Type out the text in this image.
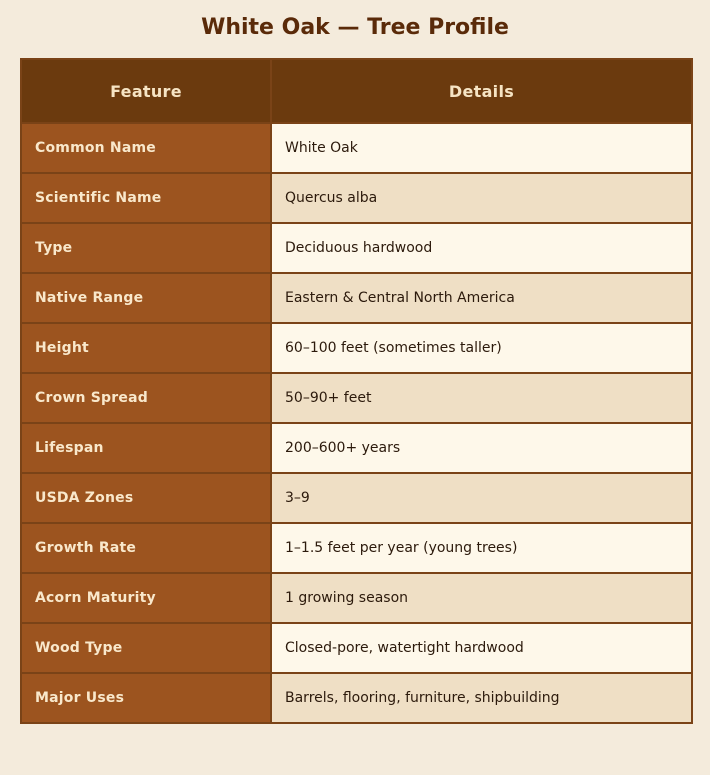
White Oak — Tree Profile
Feature	Details
Common Name	White Oak
Scientific Name	Quercus alba
Type	Deciduous hardwood
Native Range	Eastern & Central North America
Height	60–100 feet (sometimes taller)
Crown Spread	50–90+ feet
Lifespan	200–600+ years
USDA Zones	3–9
Growth Rate	1–1.5 feet per year (young trees)
Acorn Maturity	1 growing season
Wood Type	Closed-pore, watertight hardwood
Major Uses	Barrels, flooring, furniture, shipbuilding
